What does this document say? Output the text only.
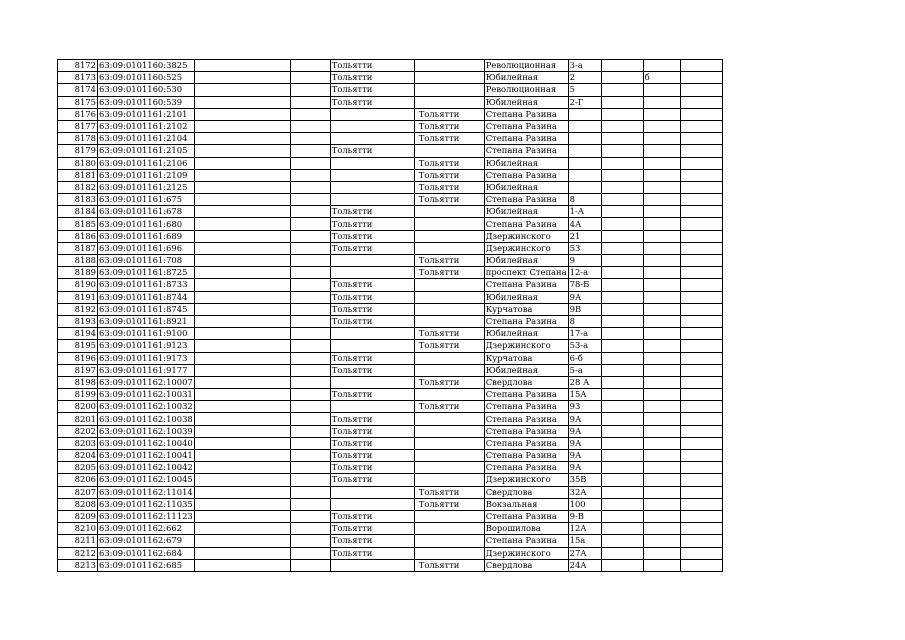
8172	63:09:0101160:3825			Тольятти		Революционная	3-а			
8173	63:09:0101160:525			Тольятти		Юбилейная	2		б	
8174	63:09:0101160:530			Тольятти		Революционная	5			
8175	63:09:0101160:539			Тольятти		Юбилейная	2-Г			
8176	63:09:0101161:2101				Тольятти	Степана Разина				
8177	63:09:0101161:2102				Тольятти	Степана Разина				
8178	63:09:0101161:2104				Тольятти	Степана Разина				
8179	63:09:0101161:2105			Тольятти		Степана Разина				
8180	63:09:0101161:2106				Тольятти	Юбилейная				
8181	63:09:0101161:2109				Тольятти	Степана Разина				
8182	63:09:0101161:2125				Тольятти	Юбилейная				
8183	63:09:0101161:675				Тольятти	Степана Разина	8			
8184	63:09:0101161:678			Тольятти		Юбилейная	1-А			
8185	63:09:0101161:680			Тольятти		Степана Разина	4А			
8186	63:09:0101161:689			Тольятти		Дзержинского	21			
8187	63:09:0101161:696			Тольятти		Дзержинского	53			
8188	63:09:0101161:708				Тольятти	Юбилейная	9			
8189	63:09:0101161:8725				Тольятти	проспект Степана	12-а			
8190	63:09:0101161:8733			Тольятти		Степана Разина	78-Б			
8191	63:09:0101161:8744			Тольятти		Юбилейная	9А			
8192	63:09:0101161:8745			Тольятти		Курчатова	9В			
8193	63:09:0101161:8921			Тольятти		Степана Разина	8			
8194	63:09:0101161:9100				Тольятти	Юбилейная	17-а			
8195	63:09:0101161:9123				Тольятти	Дзержинского	53-а			
8196	63:09:0101161:9173			Тольятти		Курчатова	6-б			
8197	63:09:0101161:9177			Тольятти		Юбилейная	5-а			
8198	63:09:0101162:10007				Тольятти	Свердлова	28 А			
8199	63:09:0101162:10031			Тольятти		Степана Разина	15А			
8200	63:09:0101162:10032				Тольятти	Степана Разина	93			
8201	63:09:0101162:10038			Тольятти		Степана Разина	9А			
8202	63:09:0101162:10039			Тольятти		Степана Разина	9А			
8203	63:09:0101162:10040			Тольятти		Степана Разина	9А			
8204	63:09:0101162:10041			Тольятти		Степана Разина	9А			
8205	63:09:0101162:10042			Тольятти		Степана Разина	9А			
8206	63:09:0101162:10045			Тольятти		Дзержинского	35В			
8207	63:09:0101162:11014				Тольятти	Свердлова	32А			
8208	63:09:0101162:11035				Тольятти	Вокзальная	100			
8209	63:09:0101162:11123			Тольятти		Степана Разина	9-В			
8210	63:09:0101162:662			Тольятти		Ворошилова	12А			
8211	63:09:0101162:679			Тольятти		Степана Разина	15а			
8212	63:09:0101162:684			Тольятти		Дзержинского	27А			
8213	63:09:0101162:685				Тольятти	Свердлова	24А			
